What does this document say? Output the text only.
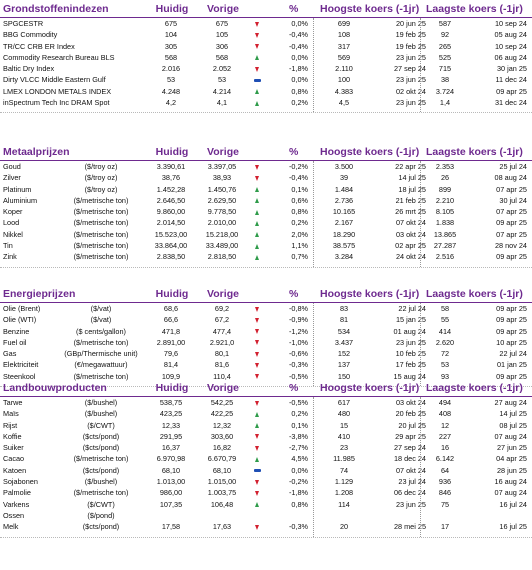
Grondstoffenindezen	Huidig	Vorige	% Hoogste koers (-1jr) Laagste koers (-1jr)
SPGCESTR	675	675	0,0%	699	20 jun 25	587	10 sep 24
BBG Commodity	104	105	-0,4%	108	19 feb 25	92	05 aug 24
TR/CC CRB ER Index	305	306	-0,4%	317	19 feb 25	265	10 sep 24
Commodity Research Bureau BLS	568	568	0,0%	569	23 jun 25	525	06 aug 24
Baltic Dry Index	2.016	2.052	-1,8%	2.110	27 sep 24	715	30 jan 25
Dirty VLCC Middle Eastern Gulf	53	53	0,0%	100	23 jun 25	38	11 dec 24
LMEX LONDON METALS INDEX	4.248	4.214	0,8%	4.383	02 okt 24	3.724	09 apr 25
inSpectrum Tech Inc DRAM Spot	4,2	4,1	0,2%	4,5	23 jun 25	1,4	31 dec 24
Metaalprijzen	Huidig	Vorige	% Hoogste koers (-1jr) Laagste koers (-1jr)
Goud	($/troy oz)	3.390,61	3.397,05	-0,2%	3.500	22 apr 25	2.353	25 jul 24
Zilver	($/troy oz)	38,76	38,93	-0,4%	39	14 jul 25	26	08 aug 24
Platinum	($/troy oz)	1.452,28	1.450,76	0,1%	1.484	18 jul 25	899	07 apr 25
Aluminium	($/metrische ton)	2.646,50	2.629,50	0,6%	2.736	21 feb 25	2.210	30 jul 24
Koper	($/metrische ton)	9.860,00	9.778,50	0,8%	10.165	26 mrt 25	8.105	07 apr 25
Lood	($/metrische ton)	2.014,50	2.010,00	0,2%	2.167	07 okt 24	1.838	09 apr 25
Nikkel	($/metrische ton)	15.523,00	15.218,00	2,0%	18.290	03 okt 24	13.865	07 apr 25
Tin	($/metrische ton)	33.864,00	33.489,00	1,1%	38.575	02 apr 25	27.287	28 nov 24
Zink	($/metrische ton)	2.838,50	2.818,50	0,7%	3.284	24 okt 24	2.516	09 apr 25
Energieprijzen	Huidig	Vorige	% Hoogste koers (-1jr) Laagste koers (-1jr)
Olie (Brent)	($/vat)	68,6	69,2	-0,8%	83	22 jul 24	58	09 apr 25
Olie (WTI)	($/vat)	66,6	67,2	-0,9%	81	15 jan 25	55	09 apr 25
Benzine	($ cents/gallon)	471,8	477,4	-1,2%	534	01 aug 24	414	09 apr 25
Fuel oil	($/metrische ton)	2.891,00	2.921,0	-1,0%	3.437	23 jun 25	2.620	10 apr 25
Gas	(GBp/Thermische unit)	79,6	80,1	-0,6%	152	10 feb 25	72	22 jul 24
Elektriciteit	(€/megawattuur)	81,4	81,6	-0,3%	137	17 feb 25	53	01 jan 25
Steenkool	($/metrische ton)	109,9	110,4	-0,5%	150	15 aug 24	93	09 apr 25
Landbouwproducten	Huidig	Vorige	% Hoogste koers (-1jr) Laagste koers (-1jr)
Tarwe	($/bushel)	538,75	542,25	-0,5%	617	03 okt 24	494	27 aug 24
Maïs	($/bushel)	423,25	422,25	0,2%	480	20 feb 25	408	14 jul 25
Rijst	($/CWT)	12,33	12,32	0,1%	15	20 jul 25	12	08 jul 25
Koffie	($cts/pond)	291,95	303,60	-3,8%	410	29 apr 25	227	07 aug 24
Suiker	($cts/pond)	16,37	16,82	-2,7%	23	27 sep 24	16	27 jun 25
Cacao	($/metrische ton)	6.970,98	6.670,79	4,5%	11.985	18 dec 24	6.142	04 apr 25
Katoen	($cts/pond)	68,10	68,10	0,0%	74	07 okt 24	64	28 jun 25
Sojabonen	($/bushel)	1.013,00	1.015,00	-0,2%	1.129	23 jul 24	936	16 aug 24
Palmolie	($/metrische ton)	986,00	1.003,75	-1,8%	1.208	06 dec 24	846	07 aug 24
Varkens	($/CWT)	107,35	106,48	0,8%	114	23 jun 25	75	16 jul 24
Ossen	($/pond)
Melk	($cts/pond)	17,58	17,63	-0,3%	20	28 mei 25	17	16 jul 25
